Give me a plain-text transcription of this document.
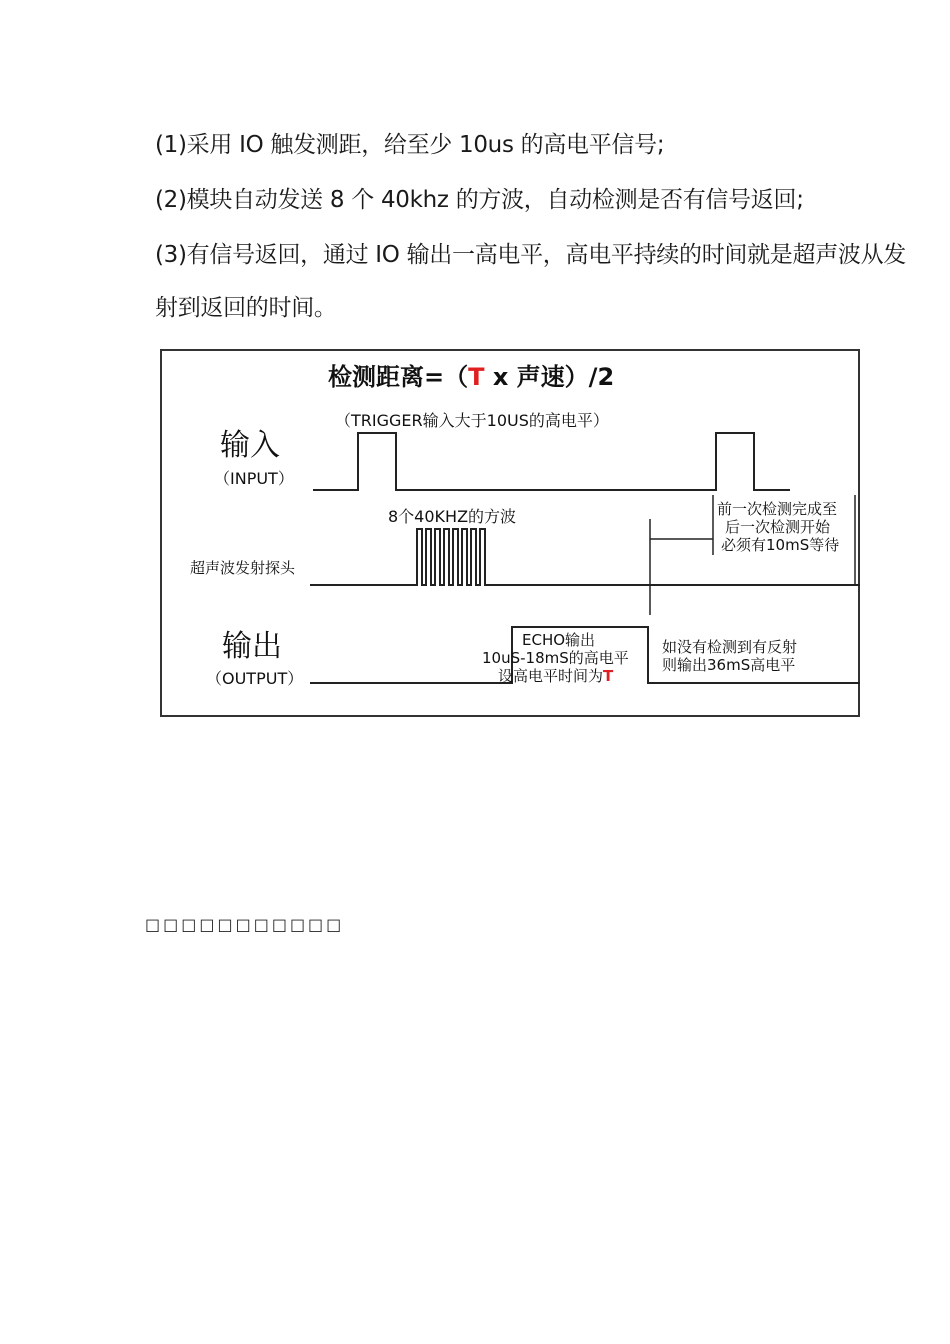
(1)采用 IO 触发测距，给至少 10us 的高电平信号;
(2)模块自动发送 8 个 40khz 的方波，自动检测是否有信号返回;
(3)有信号返回，通过 IO 输出一高电平，高电平持续的时间就是超声波从发
射到返回的时间。
检测距离=（T x 声速）/2
（TRIGGER输入大于10US的高电平）
输入
（INPUT）
8个40KHZ的方波
超声波发射探头
前一次检测完成至
后一次检测开始
必须有10mS等待
输出
（OUTPUT）
ECHO输出
10uS-18mS的高电平
设高电平时间为T
如没有检测到有反射
则输出36mS高电平
□□□□□□□□□□□
